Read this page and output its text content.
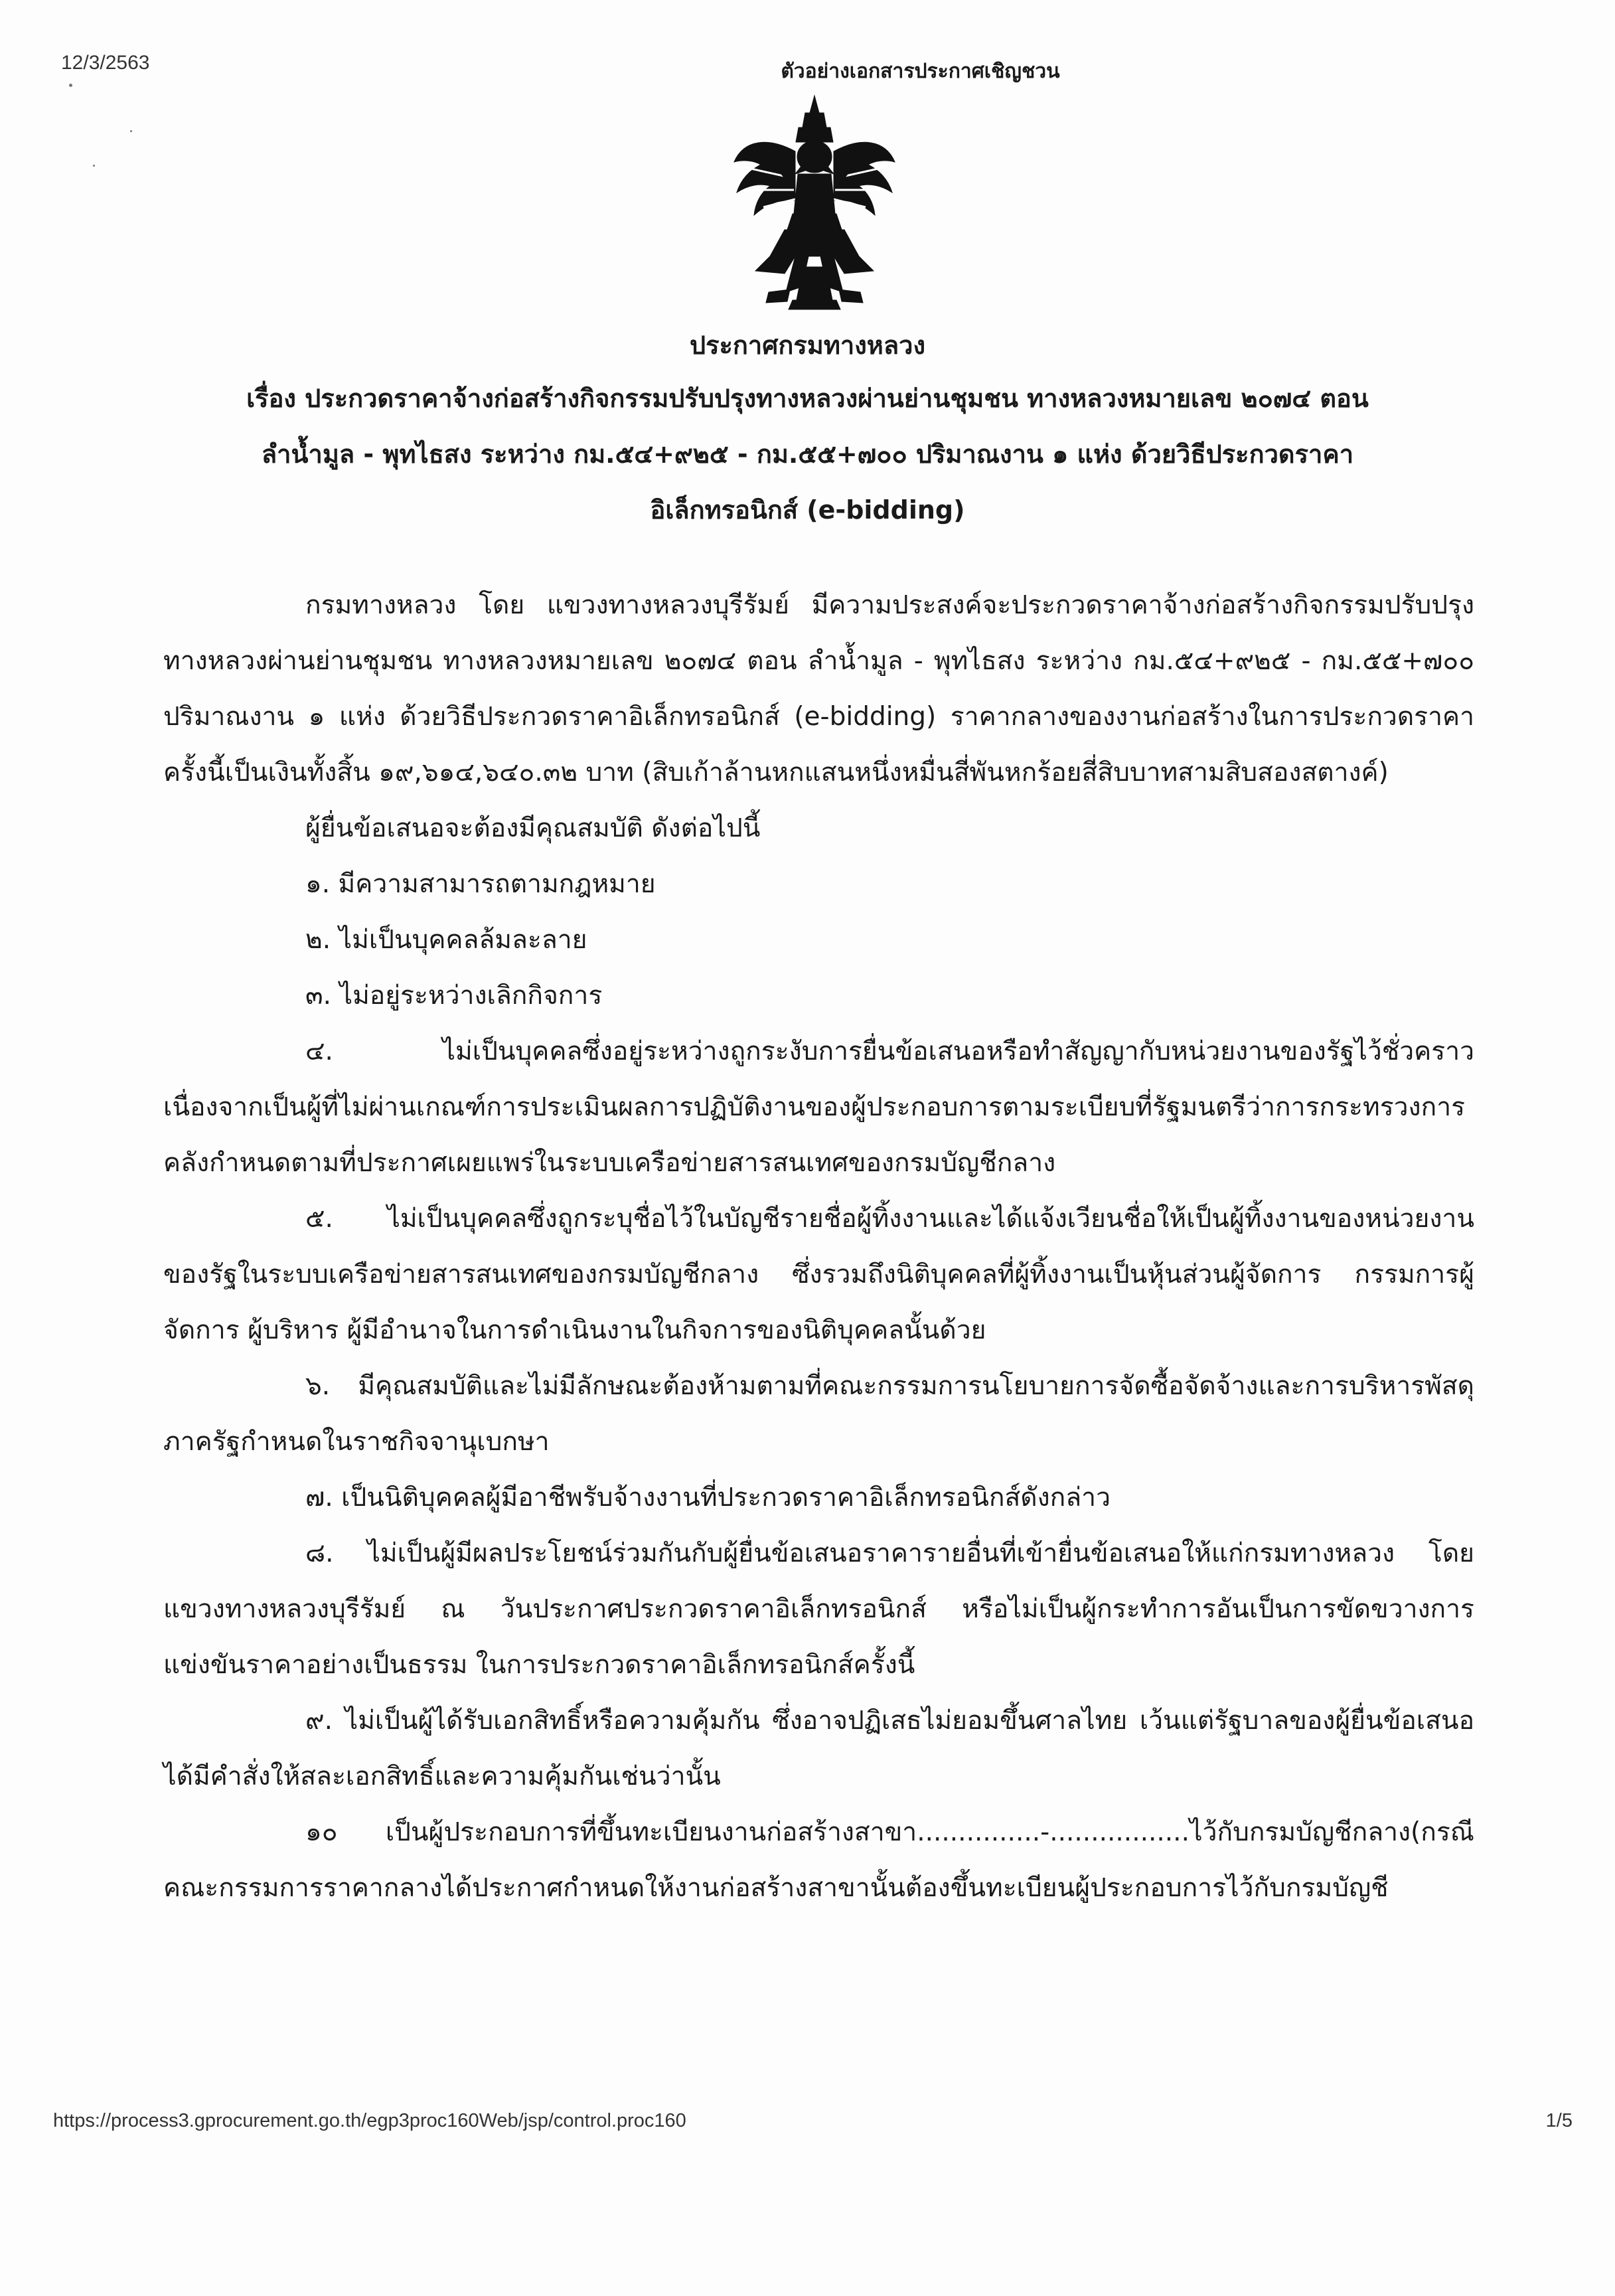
12/3/2563	ตัวอย่างเอกสารประกาศเชิญชวน
ประกาศกรมทางหลวง
เรื่อง ประกวดราคาจ้างก่อสร้างกิจกรรมปรับปรุงทางหลวงผ่านย่านชุมชน ทางหลวงหมายเลข ๒๐๗๔ ตอน
ลำน้ำมูล - พุทไธสง ระหว่าง กม.๕๔+๙๒๕ - กม.๕๕+๗๐๐ ปริมาณงาน ๑ แห่ง ด้วยวิธีประกวดราคา
อิเล็กทรอนิกส์ (e-bidding)

กรมทางหลวง โดย แขวงทางหลวงบุรีรัมย์ มีความประสงค์จะประกวดราคาจ้างก่อสร้างกิจกรรมปรับปรุงทางหลวงผ่านย่านชุมชน ทางหลวงหมายเลข ๒๐๗๔ ตอน ลำน้ำมูล - พุทไธสง ระหว่าง กม.๕๔+๙๒๕ - กม.๕๕+๗๐๐ ปริมาณงาน ๑ แห่ง ด้วยวิธีประกวดราคาอิเล็กทรอนิกส์ (e-bidding) ราคากลางของงานก่อสร้างในการประกวดราคาครั้งนี้เป็นเงินทั้งสิ้น ๑๙,๖๑๔,๖๔๐.๓๒ บาท (สิบเก้าล้านหกแสนหนึ่งหมื่นสี่พันหกร้อยสี่สิบบาทสามสิบสองสตางค์)

ผู้ยื่นข้อเสนอจะต้องมีคุณสมบัติ ดังต่อไปนี้

๑. มีความสามารถตามกฎหมาย

๒. ไม่เป็นบุคคลล้มละลาย

๓. ไม่อยู่ระหว่างเลิกกิจการ

๔. ไม่เป็นบุคคลซึ่งอยู่ระหว่างถูกระงับการยื่นข้อเสนอหรือทำสัญญากับหน่วยงานของรัฐไว้ชั่วคราว เนื่องจากเป็นผู้ที่ไม่ผ่านเกณฑ์การประเมินผลการปฏิบัติงานของผู้ประกอบการตามระเบียบที่รัฐมนตรีว่าการกระทรวงการคลังกำหนดตามที่ประกาศเผยแพร่ในระบบเครือข่ายสารสนเทศของกรมบัญชีกลาง

๕. ไม่เป็นบุคคลซึ่งถูกระบุชื่อไว้ในบัญชีรายชื่อผู้ทิ้งงานและได้แจ้งเวียนชื่อให้เป็นผู้ทิ้งงานของหน่วยงานของรัฐในระบบเครือข่ายสารสนเทศของกรมบัญชีกลาง ซึ่งรวมถึงนิติบุคคลที่ผู้ทิ้งงานเป็นหุ้นส่วนผู้จัดการ กรรมการผู้จัดการ ผู้บริหาร ผู้มีอำนาจในการดำเนินงานในกิจการของนิติบุคคลนั้นด้วย

๖. มีคุณสมบัติและไม่มีลักษณะต้องห้ามตามที่คณะกรรมการนโยบายการจัดซื้อจัดจ้างและการบริหารพัสดุภาครัฐกำหนดในราชกิจจานุเบกษา

๗. เป็นนิติบุคคลผู้มีอาชีพรับจ้างงานที่ประกวดราคาอิเล็กทรอนิกส์ดังกล่าว

๘. ไม่เป็นผู้มีผลประโยชน์ร่วมกันกับผู้ยื่นข้อเสนอราคารายอื่นที่เข้ายื่นข้อเสนอให้แก่กรมทางหลวง โดย แขวงทางหลวงบุรีรัมย์ ณ วันประกาศประกวดราคาอิเล็กทรอนิกส์ หรือไม่เป็นผู้กระทำการอันเป็นการขัดขวางการแข่งขันราคาอย่างเป็นธรรม ในการประกวดราคาอิเล็กทรอนิกส์ครั้งนี้

๙. ไม่เป็นผู้ได้รับเอกสิทธิ์หรือความคุ้มกัน ซึ่งอาจปฏิเสธไม่ยอมขึ้นศาลไทย เว้นแต่รัฐบาลของผู้ยื่นข้อเสนอได้มีคำสั่งให้สละเอกสิทธิ์และความคุ้มกันเช่นว่านั้น

๑๐ เป็นผู้ประกอบการที่ขึ้นทะเบียนงานก่อสร้างสาขา...............-.................ไว้กับกรมบัญชีกลาง(กรณีคณะกรรมการราคากลางได้ประกาศกำหนดให้งานก่อสร้างสาขานั้นต้องขึ้นทะเบียนผู้ประกอบการไว้กับกรมบัญชี

https://process3.gprocurement.go.th/egp3proc160Web/jsp/control.proc160	1/5
